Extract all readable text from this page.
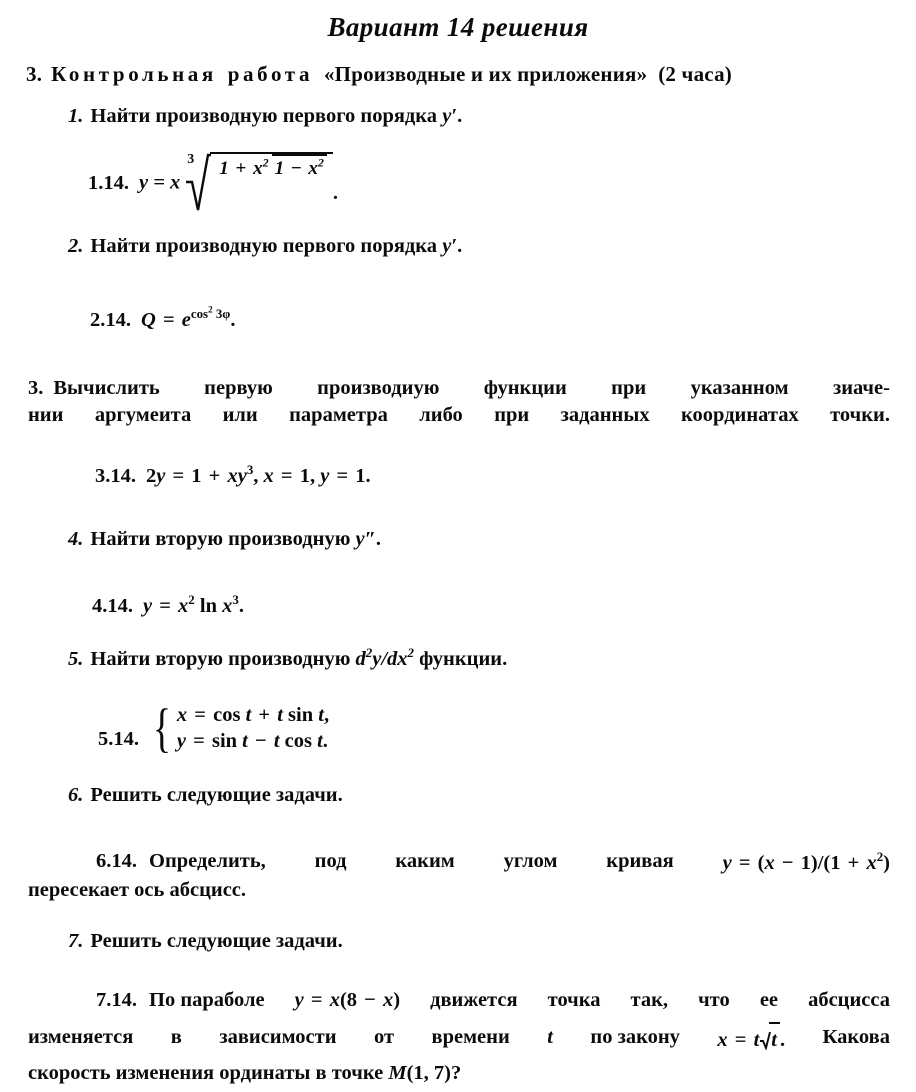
Вариант 14 решения
3. Контрольная работа «Производные и их приложения» (2 часа)
1. Найти производную первого порядка y′.
1.14. y = x
3	$1 + x^2$ $1 - x^2$
.
2. Найти производную первого порядка y′.
2.14. $Q = e^{cos^2 3\varphi}$.
3. Вычислить первую производиую функции при указанном зиаче-
нии аргумеита или параметра либо при заданных координатах точки.
3.14. $2y = 1 + xy^3$, x = 1, y = 1.
4. Найти вторую производную y″.
4.14. $y = x^2$ $\ln x^3$.
5. Найти вторую производную $d^2y/dx^2$ функции.
5.14. { x = cos t + t sin t,
y = sin t − t cos t.
6. Решить следующие задачи.
6.14. Определить, под каким углом кривая $y = (x - 1)/(1 + x^2)$
пересекает ось абсцисс.
7. Решить следующие задачи.
7.14. По параболе y = x(8 − x) движется точка так, что ее абсцисса
изменяется в зависимости от времени t по закону x = t t . Какова
скорость изменения ординаты в точке M(1, 7)?
